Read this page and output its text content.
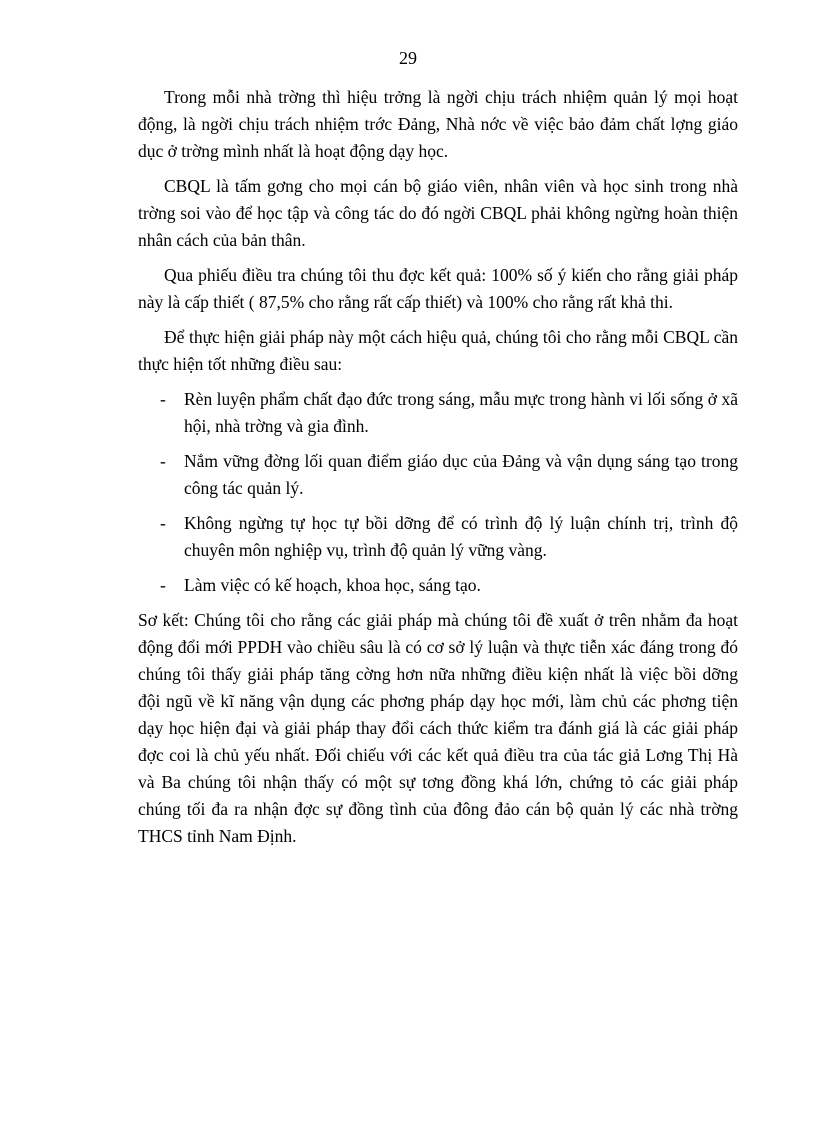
29

Trong mỗi nhà trờng thì hiệu trởng là ngời chịu trách nhiệm quản lý mọi hoạt động, là ngời chịu trách nhiệm trớc Đảng, Nhà nớc về việc bảo đảm chất lợng giáo dục ở trờng mình nhất là hoạt động dạy học.

CBQL là tấm gơng cho mọi cán bộ giáo viên, nhân viên và học sinh trong nhà trờng soi vào để học tập và công tác do đó ngời CBQL phải không ngừng hoàn thiện nhân cách của bản thân.

Qua phiếu điều tra chúng tôi thu đợc kết quả: 100% số ý kiến cho rằng giải pháp này là cấp thiết ( 87,5% cho rằng rất cấp thiết) và 100% cho rằng rất khả thi.

Để thực hiện giải pháp này một cách hiệu quả, chúng tôi cho rằng mỗi CBQL cần thực hiện tốt những điều sau:

- Rèn luyện phẩm chất đạo đức trong sáng, mẫu mực trong hành vi lối sống ở xã hội, nhà trờng và gia đình.
- Nắm vững đờng lối quan điểm giáo dục của Đảng và vận dụng sáng tạo trong công tác quản lý.
- Không ngừng tự học tự bồi dỡng để có trình độ lý luận chính trị, trình độ chuyên môn nghiệp vụ, trình độ quản lý vững vàng.
- Làm việc có kế hoạch, khoa học, sáng tạo.

Sơ kết: Chúng tôi cho rằng các giải pháp mà chúng tôi đề xuất ở trên nhằm đa hoạt động đổi mới PPDH vào chiều sâu là có cơ sở lý luận và thực tiễn xác đáng trong đó chúng tôi thấy giải pháp tăng cờng hơn nữa những điều kiện nhất là việc bồi dỡng đội ngũ về kĩ năng vận dụng các phơng pháp dạy học mới, làm chủ các phơng tiện dạy học hiện đại và giải pháp thay đổi cách thức kiểm tra đánh giá là các giải pháp đợc coi là chủ yếu nhất. Đối chiếu với các kết quả điều tra của tác giả Lơng Thị Hà và Ba chúng tôi nhận thấy có một sự tơng đồng khá lớn, chứng tỏ các giải pháp chúng tối đa ra nhận đợc sự đồng tình của đông đảo cán bộ quản lý các nhà trờng THCS tỉnh Nam Định.
